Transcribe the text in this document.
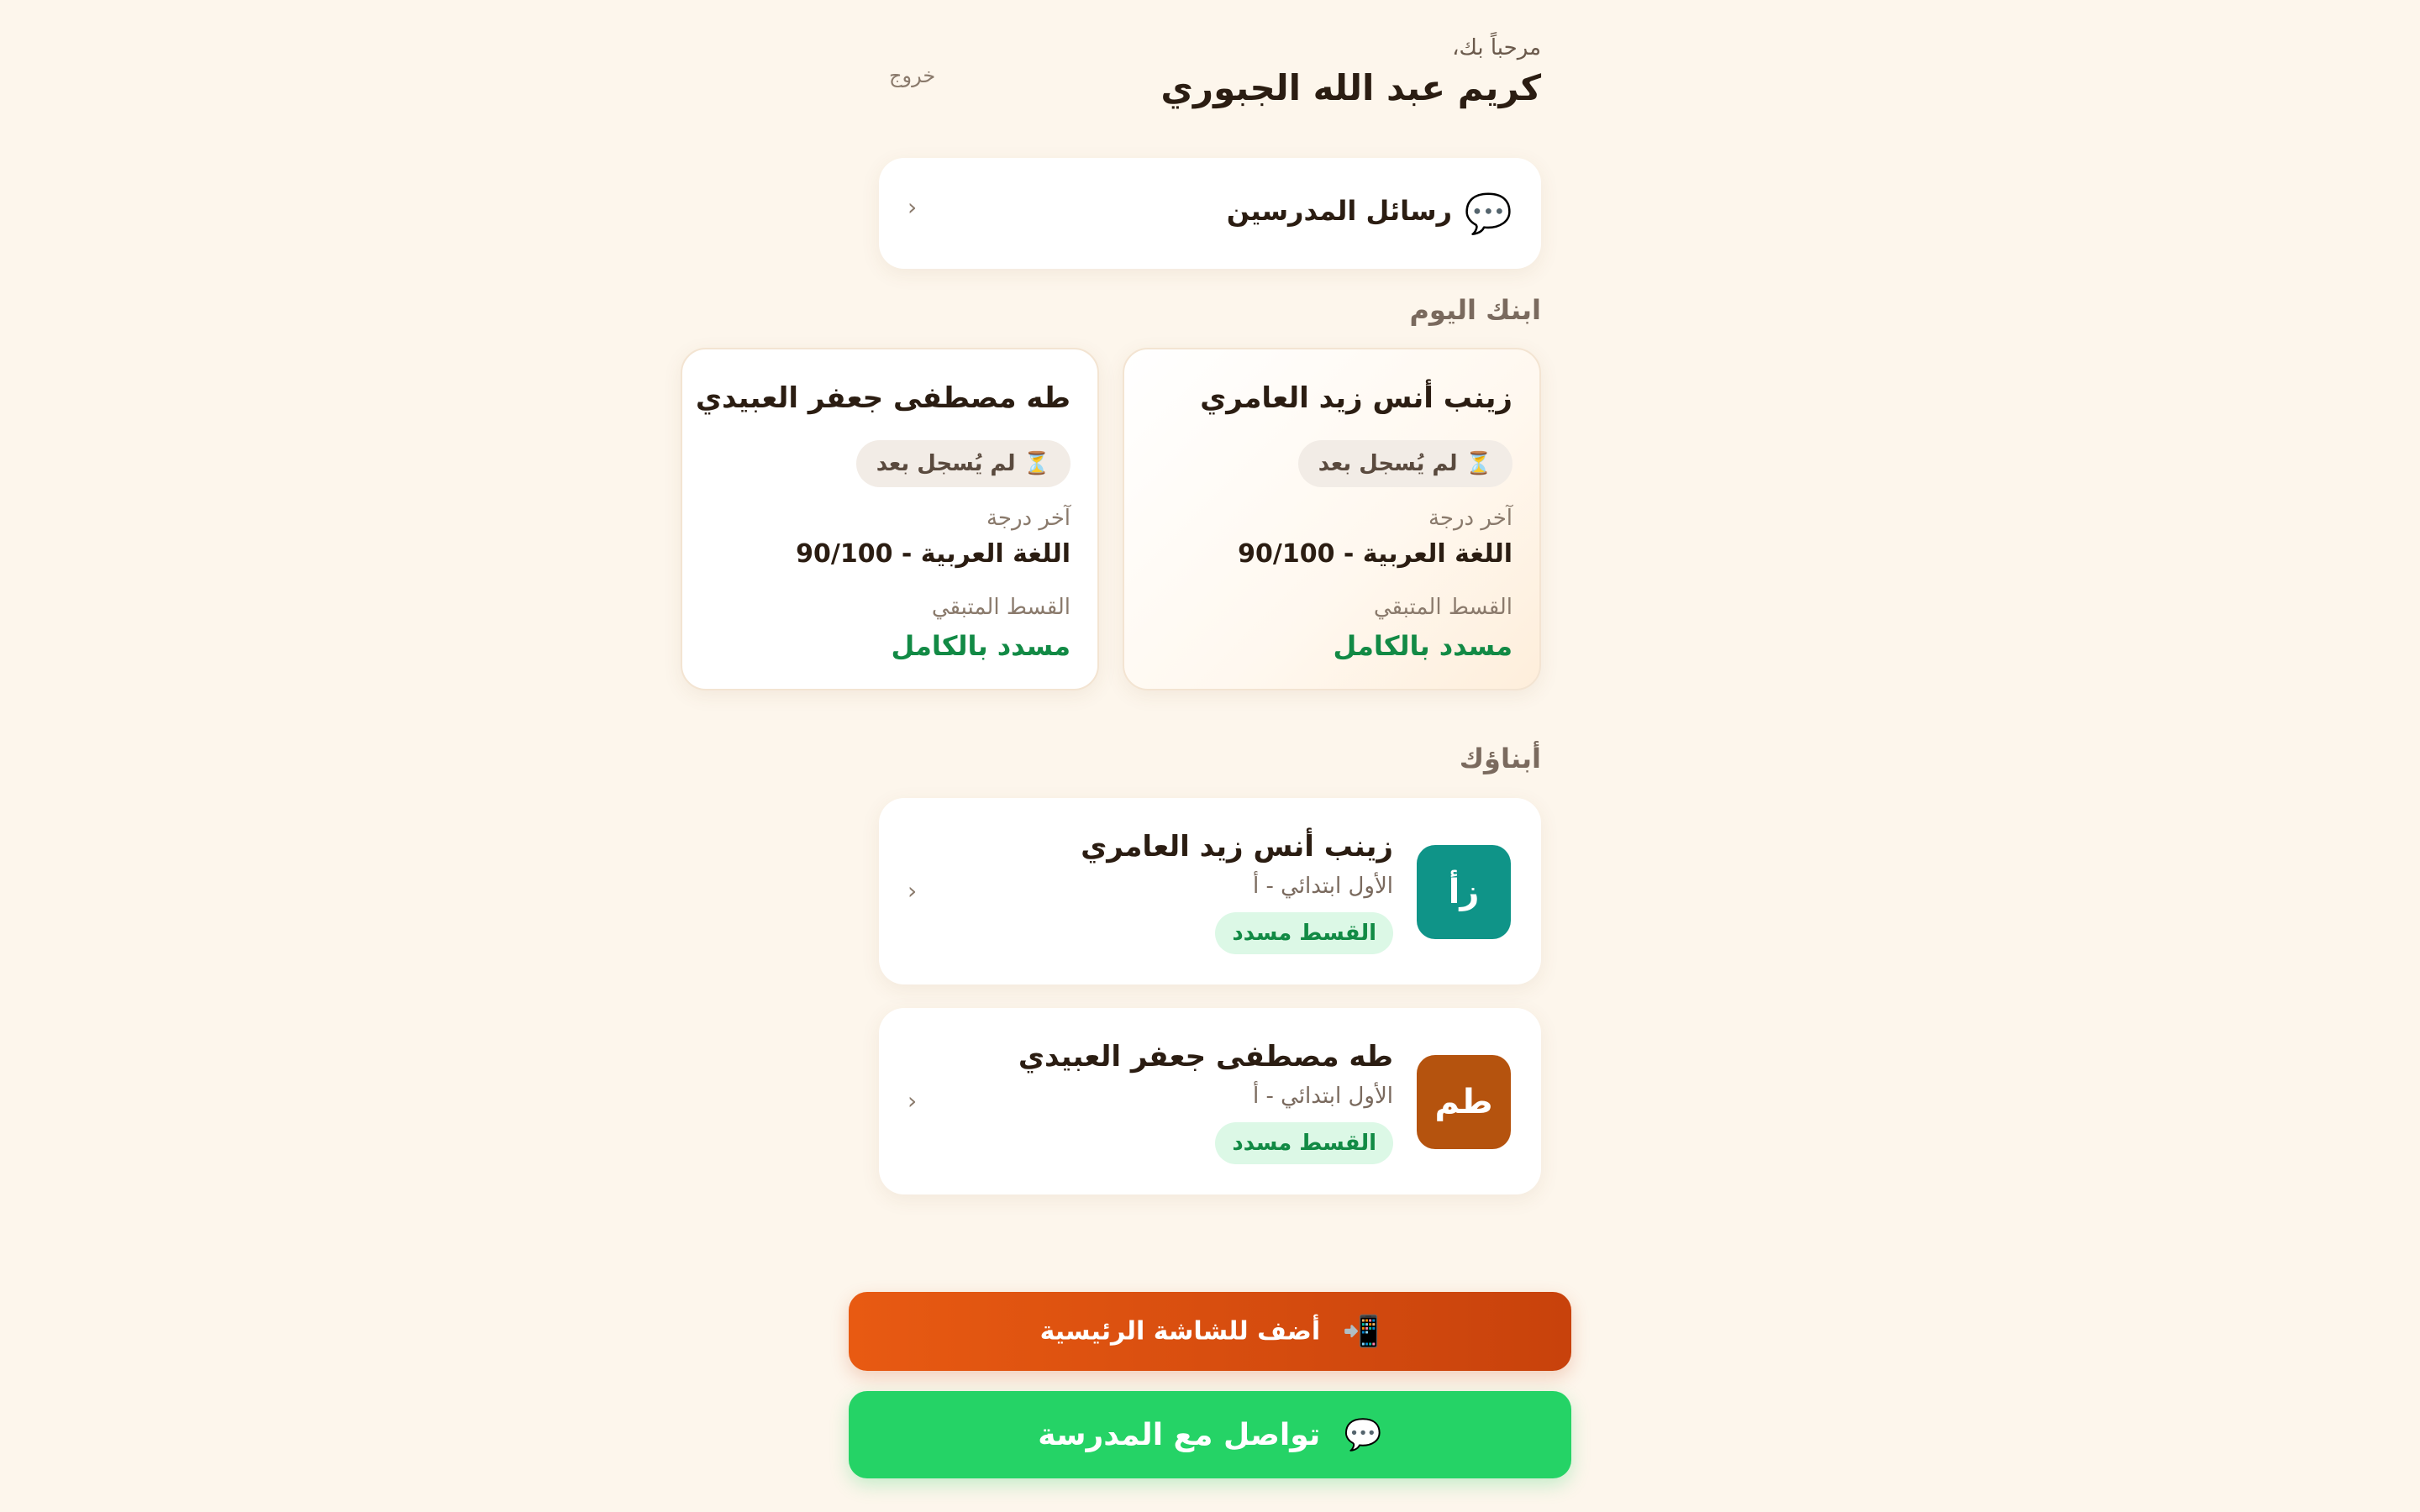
مرحباً بك،
كريم عبد الله الجبوري
خروج
💬
رسائل المدرسين
‹
ابنك اليوم
زينب أنس زيد العامري
⏳ لم يُسجل بعد
آخر درجة
اللغة العربية - 90/100
القسط المتبقي
مسدد بالكامل
طه مصطفى جعفر العبيدي
⏳ لم يُسجل بعد
آخر درجة
اللغة العربية - 90/100
القسط المتبقي
مسدد بالكامل
أبناؤك
زأ
زينب أنس زيد العامري
الأول ابتدائي - أ
القسط مسدد
‹
طم
طه مصطفى جعفر العبيدي
الأول ابتدائي - أ
القسط مسدد
‹
📲 أضف للشاشة الرئيسية
💬 تواصل مع المدرسة
